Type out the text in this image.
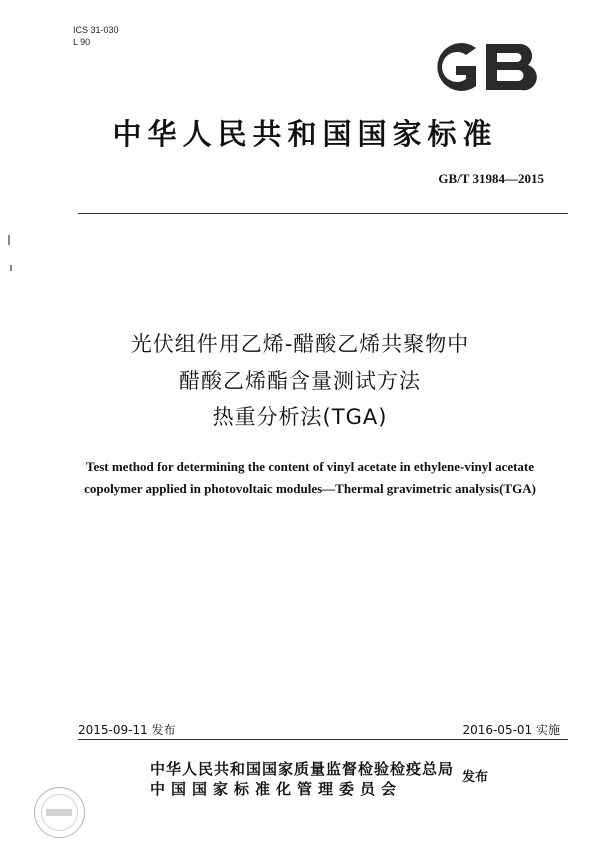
ICS 31-030
L 90	GB
中华人民共和国国家标准
GB/T 31984—2015
光伏组件用乙烯-醋酸乙烯共聚物中
醋酸乙烯酯含量测试方法
热重分析法(TGA)
Test method for determining the content of vinyl acetate in ethylene-vinyl acetate
copolymer applied in photovoltaic modules—Thermal gravimetric analysis(TGA)
2015-09-11 发布	2016-05-01 实施
中华人民共和国国家质量监督检验检疫总局
中国国家标准化管理委员会
发布
